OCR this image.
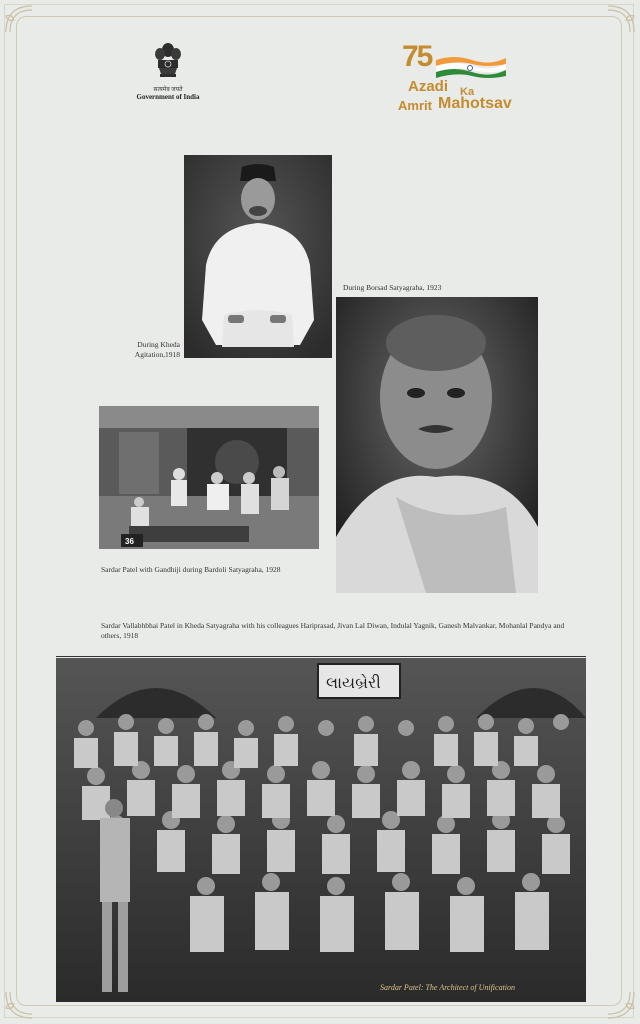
सत्यमेव जयते
Government of India
75
Azadi Ka
Amrit Mahotsav
36
લાયબ્રેરી
During Borsad Satyagraha, 1923
During Kheda
Agitation,1918
Sardar Patel with Gandhiji during Bardoli Satyagraha, 1928
Sardar Vallabhbhai Patel in Kheda Satyagraha with his colleagues Hariprasad, Jivan Lal Diwan, Indulal Yagnik, Ganesh Malvankar, Mohanlal Pandya and others, 1918
Sardar Patel: The Architect of Unification
